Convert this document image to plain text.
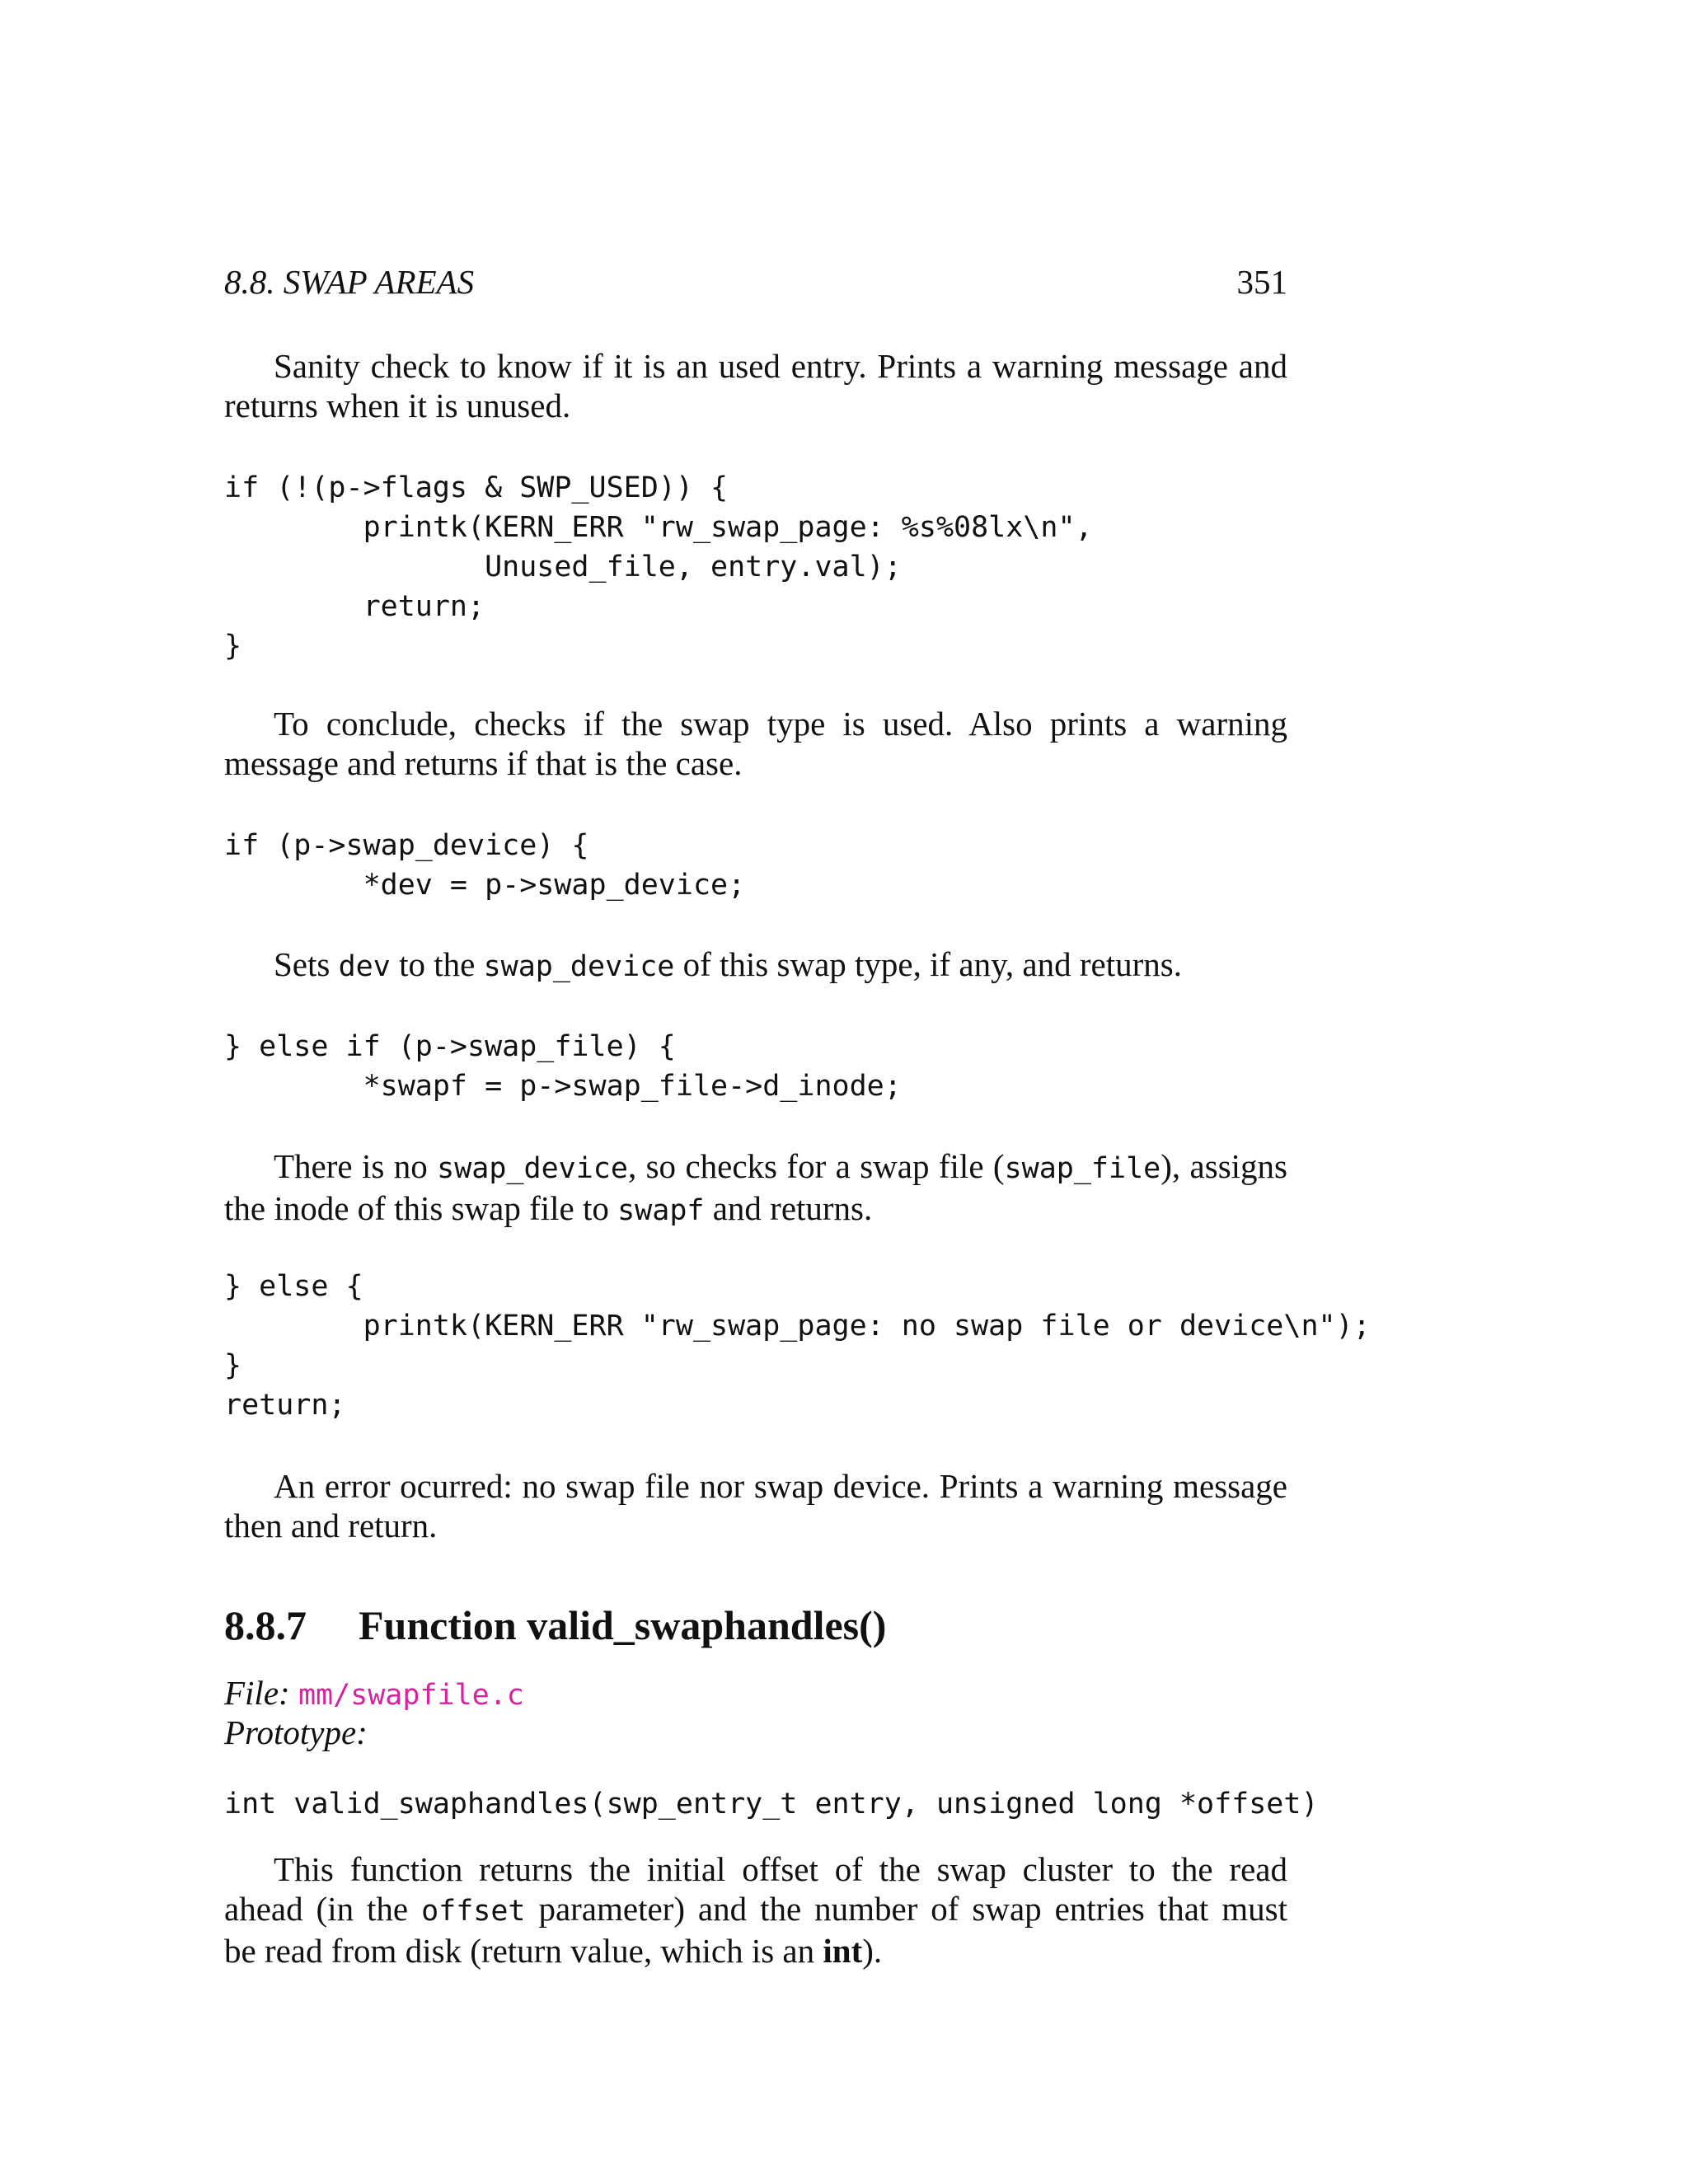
8.8. SWAP AREAS	351
Sanity check to know if it is an used entry. Prints a warning message and
returns when it is unused.
if (!(p->flags & SWP_USED)) {
printk(KERN_ERR "rw_swap_page: %s%08lx\n",
Unused_file, entry.val);
return;
}
To conclude, checks if the swap type is used. Also prints a warning
message and returns if that is the case.
if (p->swap_device) {
*dev = p->swap_device;
Sets dev to the swap_device of this swap type, if any, and returns.
} else if (p->swap_file) {
*swapf = p->swap_file->d_inode;
There is no swap_device, so checks for a swap file (swap_file), assigns
the inode of this swap file to swapf and returns.
} else {
printk(KERN_ERR "rw_swap_page: no swap file or device\n");
}
return;
An error ocurred: no swap file nor swap device. Prints a warning message
then and return.
8.8.7 Function valid_swaphandles()
File: mm/swapfile.c
Prototype:
int valid_swaphandles(swp_entry_t entry, unsigned long *offset)
This function returns the initial offset of the swap cluster to the read
ahead (in the offset parameter) and the number of swap entries that must
be read from disk (return value, which is an int).
